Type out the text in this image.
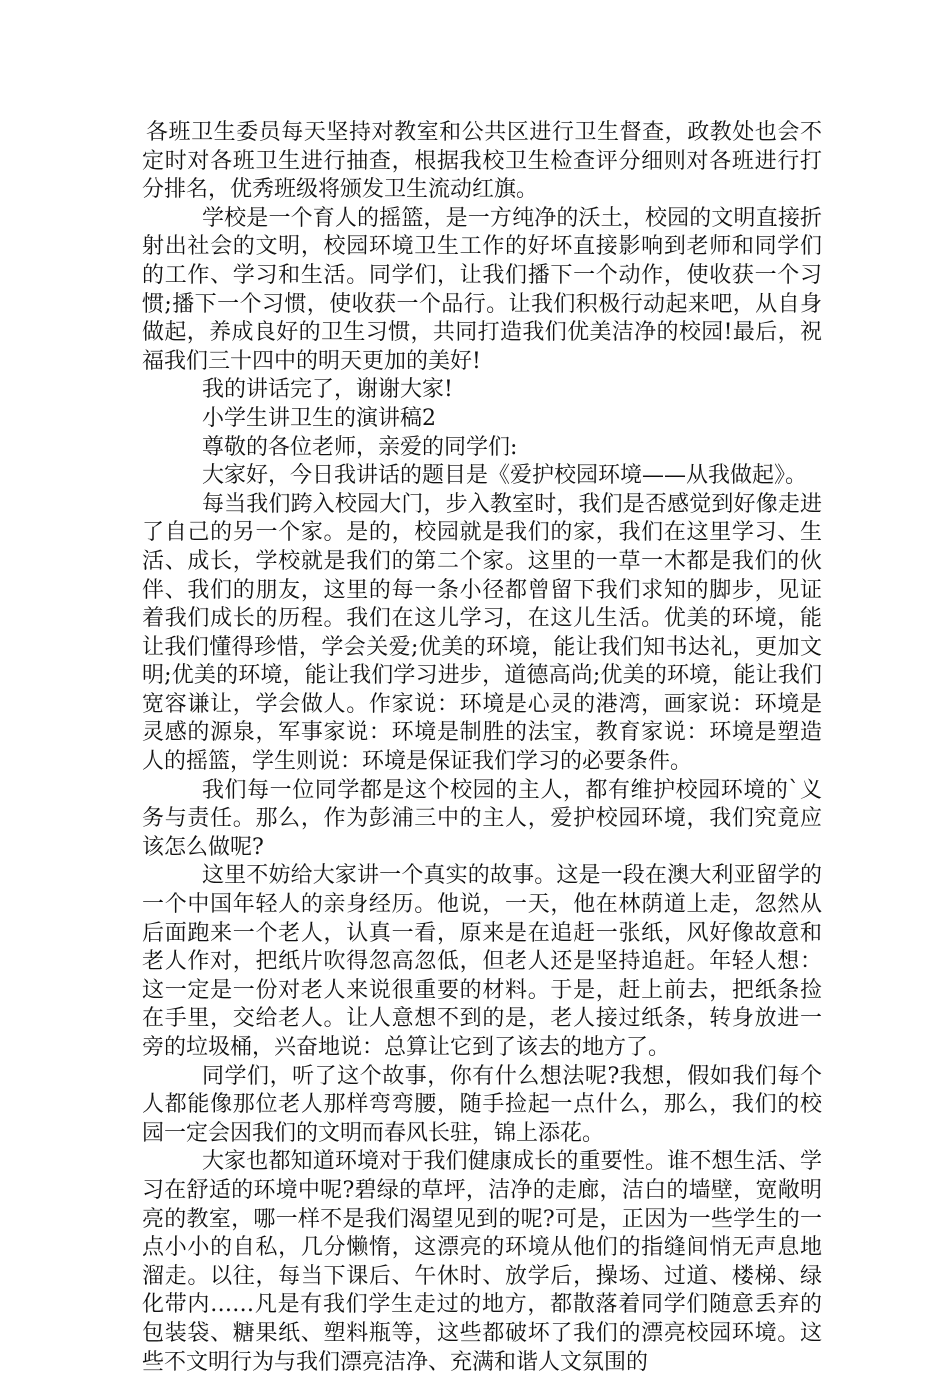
各班卫生委员每天坚持对教室和公共区进行卫生督查，政教处也会不定时对各班卫生进行抽查，根据我校卫生检查评分细则对各班进行打分排名，优秀班级将颁发卫生流动红旗。

学校是一个育人的摇篮，是一方纯净的沃土，校园的文明直接折射出社会的文明，校园环境卫生工作的好坏直接影响到老师和同学们的工作、学习和生活。同学们，让我们播下一个动作，使收获一个习惯;播下一个习惯，使收获一个品行。让我们积极行动起来吧，从自身做起，养成良好的卫生习惯，共同打造我们优美洁净的校园!最后，祝福我们三十四中的明天更加的美好!

我的讲话完了，谢谢大家!

小学生讲卫生的演讲稿2

尊敬的各位老师，亲爱的同学们:

大家好，今日我讲话的题目是《爱护校园环境——从我做起》。

每当我们跨入校园大门，步入教室时，我们是否感觉到好像走进了自己的另一个家。是的，校园就是我们的家，我们在这里学习、生活、成长，学校就是我们的第二个家。这里的一草一木都是我们的伙伴、我们的朋友，这里的每一条小径都曾留下我们求知的脚步，见证着我们成长的历程。我们在这儿学习，在这儿生活。优美的环境，能让我们懂得珍惜，学会关爱;优美的环境，能让我们知书达礼，更加文明;优美的环境，能让我们学习进步，道德高尚;优美的环境，能让我们宽容谦让，学会做人。作家说：环境是心灵的港湾，画家说：环境是灵感的源泉，军事家说：环境是制胜的法宝，教育家说：环境是塑造人的摇篮，学生则说：环境是保证我们学习的必要条件。

我们每一位同学都是这个校园的主人，都有维护校园环境的`义务与责任。那么，作为彭浦三中的主人，爱护校园环境，我们究竟应该怎么做呢?

这里不妨给大家讲一个真实的故事。这是一段在澳大利亚留学的一个中国年轻人的亲身经历。他说，一天，他在林荫道上走，忽然从后面跑来一个老人，认真一看，原来是在追赶一张纸，风好像故意和老人作对，把纸片吹得忽高忽低，但老人还是坚持追赶。年轻人想：这一定是一份对老人来说很重要的材料。于是，赶上前去，把纸条捡在手里，交给老人。让人意想不到的是，老人接过纸条，转身放进一旁的垃圾桶，兴奋地说：总算让它到了该去的地方了。

同学们，听了这个故事，你有什么想法呢?我想，假如我们每个人都能像那位老人那样弯弯腰，随手捡起一点什么，那么，我们的校园一定会因我们的文明而春风长驻，锦上添花。

大家也都知道环境对于我们健康成长的重要性。谁不想生活、学习在舒适的环境中呢?碧绿的草坪，洁净的走廊，洁白的墙壁，宽敞明亮的教室，哪一样不是我们渴望见到的呢?可是，正因为一些学生的一点小小的自私，几分懒惰，这漂亮的环境从他们的指缝间悄无声息地溜走。以往，每当下课后、午休时、放学后，操场、过道、楼梯、绿化带内……凡是有我们学生走过的地方，都散落着同学们随意丢弃的包装袋、糖果纸、塑料瓶等，这些都破坏了我们的漂亮校园环境。这些不文明行为与我们漂亮洁净、充满和谐人文氛围的
